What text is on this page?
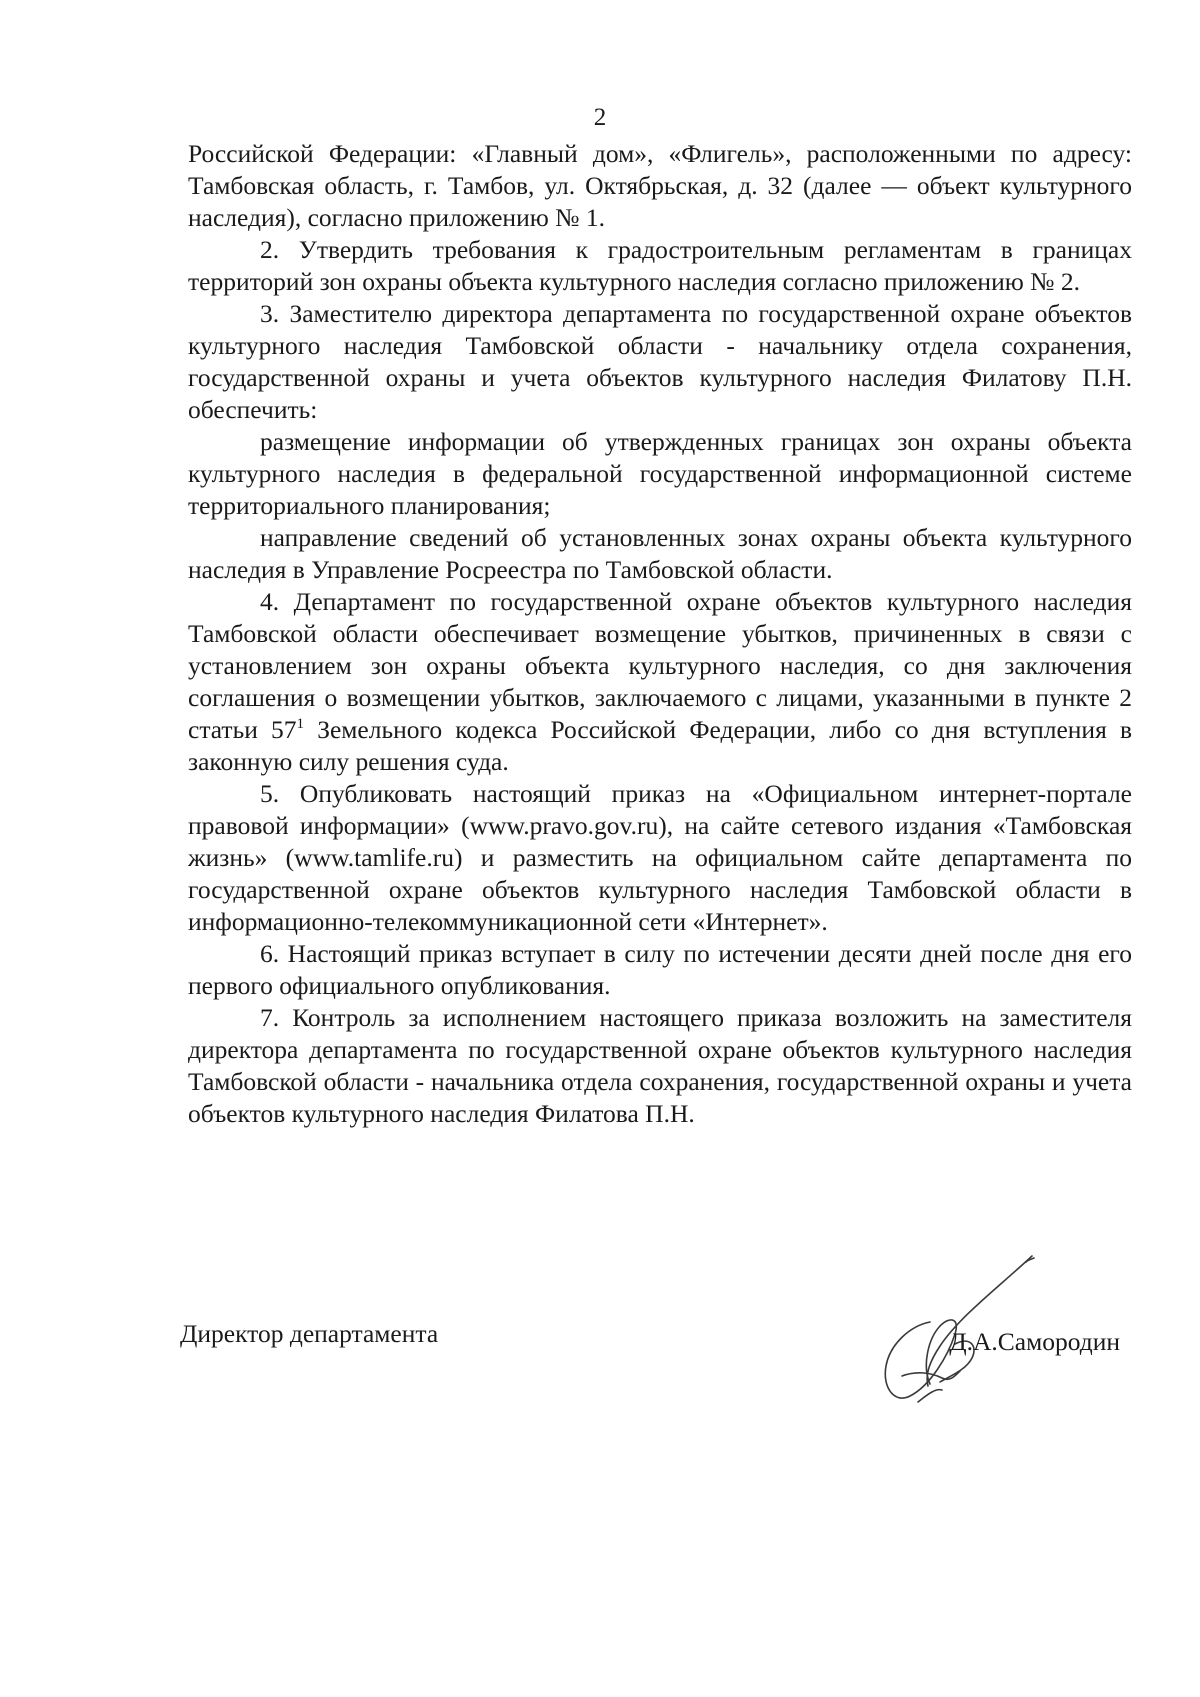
2

Российской Федерации: «Главный дом», «Флигель», расположенными по адресу: Тамбовская область, г. Тамбов, ул. Октябрьская, д. 32 (далее — объект культурного наследия), согласно приложению № 1.

2. Утвердить требования к градостроительным регламентам в границах территорий зон охраны объекта культурного наследия согласно приложению № 2.

3. Заместителю директора департамента по государственной охране объектов культурного наследия Тамбовской области - начальнику отдела сохранения, государственной охраны и учета объектов культурного наследия Филатову П.Н. обеспечить:

размещение информации об утвержденных границах зон охраны объекта культурного наследия в федеральной государственной информационной системе территориального планирования;

направление сведений об установленных зонах охраны объекта культурного наследия в Управление Росреестра по Тамбовской области.

4. Департамент по государственной охране объектов культурного наследия Тамбовской области обеспечивает возмещение убытков, причиненных в связи с установлением зон охраны объекта культурного наследия, со дня заключения соглашения о возмещении убытков, заключаемого с лицами, указанными в пункте 2 статьи $57^1$ Земельного кодекса Российской Федерации, либо со дня вступления в законную силу решения суда.

5. Опубликовать настоящий приказ на «Официальном интернет-портале правовой информации» (www.pravo.gov.ru), на сайте сетевого издания «Тамбовская жизнь» (www.tamlife.ru) и разместить на официальном сайте департамента по государственной охране объектов культурного наследия Тамбовской области в информационно-телекоммуникационной сети «Интернет».

6. Настоящий приказ вступает в силу по истечении десяти дней после дня его первого официального опубликования.

7. Контроль за исполнением настоящего приказа возложить на заместителя директора департамента по государственной охране объектов культурного наследия Тамбовской области - начальника отдела сохранения, государственной охраны и учета объектов культурного наследия Филатова П.Н.

Директор департамента	Д.А.Самородин
